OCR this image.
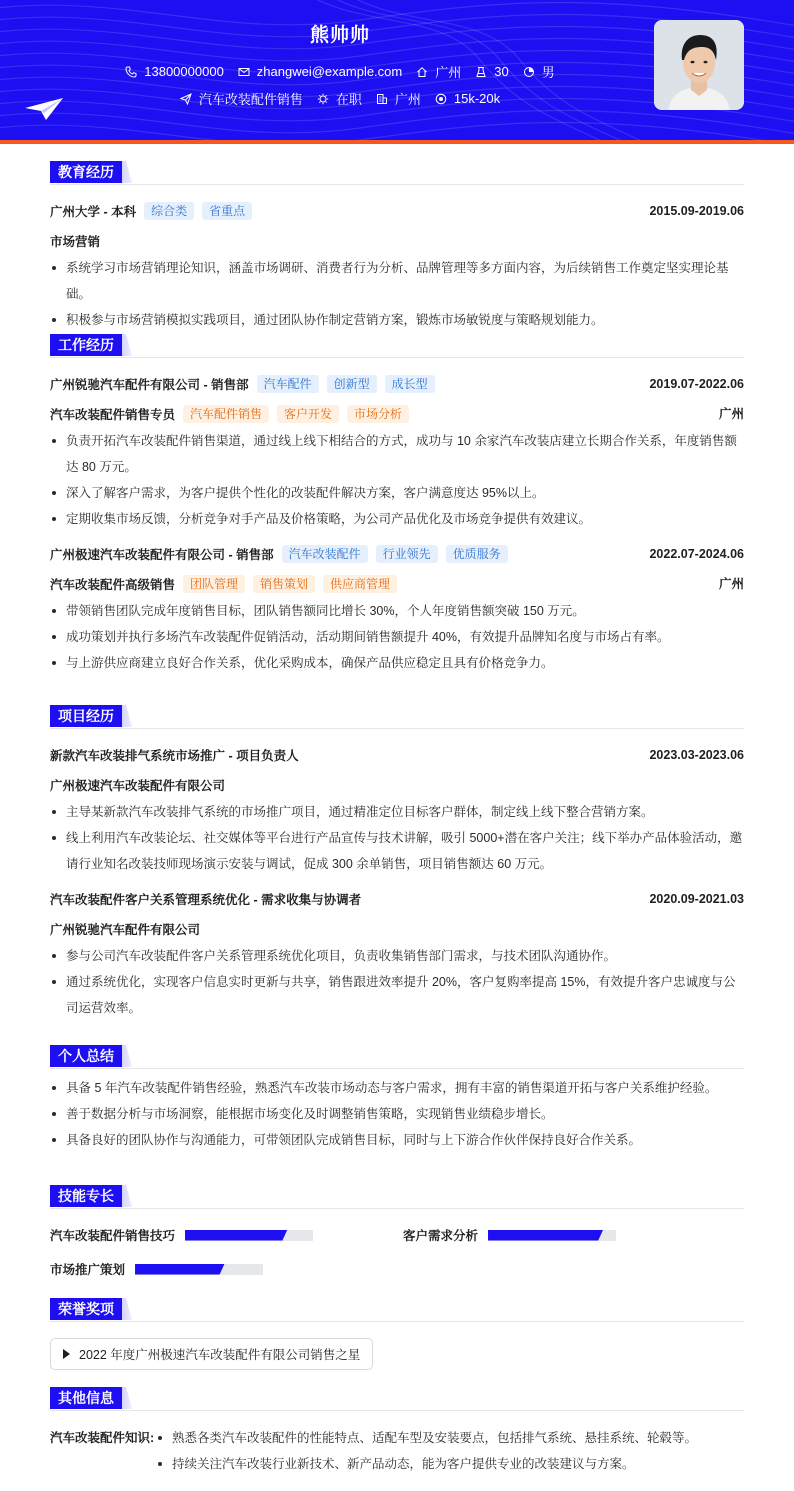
熊帅帅
13800000000	zhangwei@example.com	广州	30	男
汽车改装配件销售	在职	广州	15k-20k
教育经历
广州大学 - 本科	综合类	省重点	2015.09-2019.06
市场营销
系统学习市场营销理论知识，涵盖市场调研、消费者行为分析、品牌管理等多方面内容，为后续销售工作奠定坚实理论基础。
积极参与市场营销模拟实践项目，通过团队协作制定营销方案，锻炼市场敏锐度与策略规划能力。
工作经历
广州锐驰汽车配件有限公司 - 销售部	汽车配件	创新型	成长型	2019.07-2022.06
汽车改装配件销售专员	汽车配件销售	客户开发	市场分析	广州
负责开拓汽车改装配件销售渠道，通过线上线下相结合的方式，成功与 10 余家汽车改装店建立长期合作关系，年度销售额达 80 万元。
深入了解客户需求，为客户提供个性化的改装配件解决方案，客户满意度达 95%以上。
定期收集市场反馈，分析竞争对手产品及价格策略，为公司产品优化及市场竞争提供有效建议。
广州极速汽车改装配件有限公司 - 销售部	汽车改装配件	行业领先	优质服务	2022.07-2024.06
汽车改装配件高级销售	团队管理	销售策划	供应商管理	广州
带领销售团队完成年度销售目标，团队销售额同比增长 30%，个人年度销售额突破 150 万元。
成功策划并执行多场汽车改装配件促销活动，活动期间销售额提升 40%，有效提升品牌知名度与市场占有率。
与上游供应商建立良好合作关系，优化采购成本，确保产品供应稳定且具有价格竞争力。
项目经历
新款汽车改装排气系统市场推广 - 项目负责人	2023.03-2023.06
广州极速汽车改装配件有限公司
主导某新款汽车改装排气系统的市场推广项目，通过精准定位目标客户群体，制定线上线下整合营销方案。
线上利用汽车改装论坛、社交媒体等平台进行产品宣传与技术讲解，吸引 5000+潜在客户关注；线下举办产品体验活动，邀请行业知名改装技师现场演示安装与调试，促成 300 余单销售，项目销售额达 60 万元。
汽车改装配件客户关系管理系统优化 - 需求收集与协调者	2020.09-2021.03
广州锐驰汽车配件有限公司
参与公司汽车改装配件客户关系管理系统优化项目，负责收集销售部门需求，与技术团队沟通协作。
通过系统优化，实现客户信息实时更新与共享，销售跟进效率提升 20%，客户复购率提高 15%，有效提升客户忠诚度与公司运营效率。
个人总结
具备 5 年汽车改装配件销售经验，熟悉汽车改装市场动态与客户需求，拥有丰富的销售渠道开拓与客户关系维护经验。
善于数据分析与市场洞察，能根据市场变化及时调整销售策略，实现销售业绩稳步增长。
具备良好的团队协作与沟通能力，可带领团队完成销售目标，同时与上下游合作伙伴保持良好合作关系。
技能专长
汽车改装配件销售技巧	客户需求分析
市场推广策划
荣誉奖项
2022 年度广州极速汽车改装配件有限公司销售之星
其他信息
汽车改装配件知识:	熟悉各类汽车改装配件的性能特点、适配车型及安装要点，包括排气系统、悬挂系统、轮毂等。
持续关注汽车改装行业新技术、新产品动态，能为客户提供专业的改装建议与方案。
